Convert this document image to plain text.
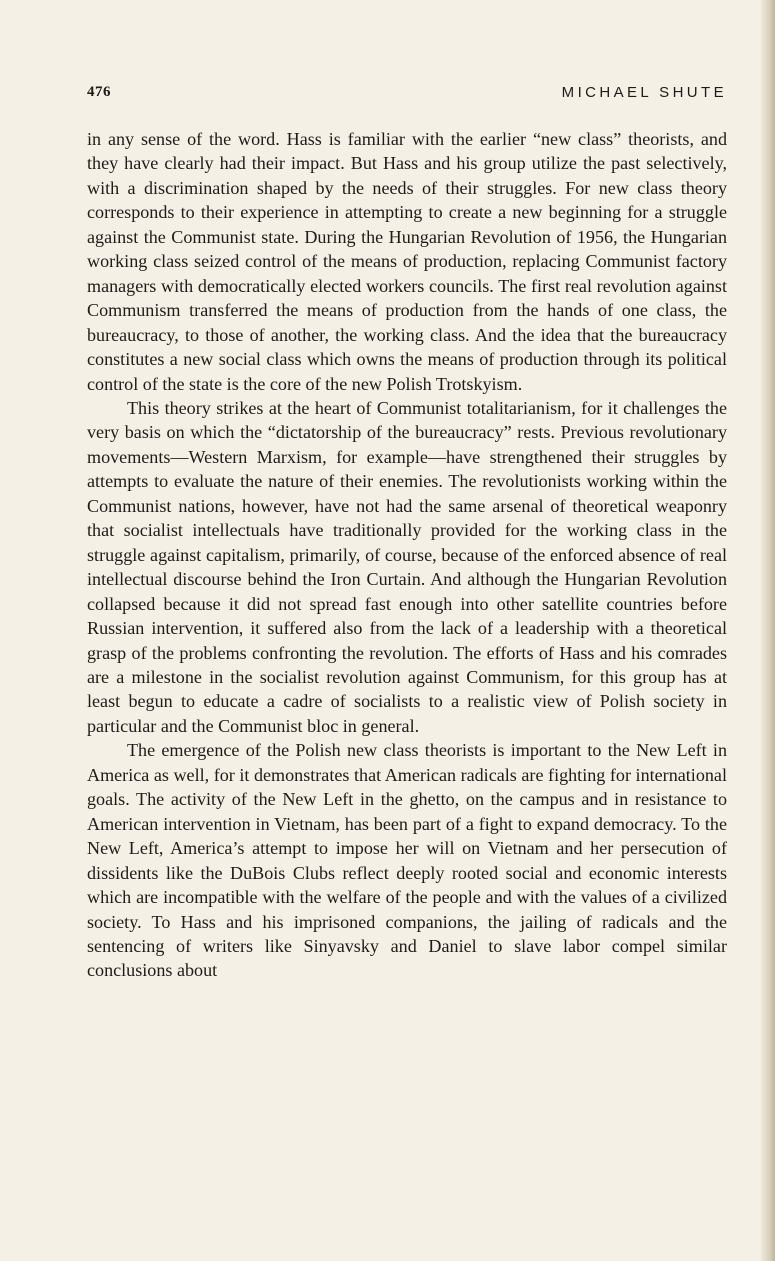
476	MICHAEL SHUTE

in any sense of the word. Hass is familiar with the earlier “new class” theorists, and they have clearly had their impact. But Hass and his group utilize the past selectively, with a discrimination shaped by the needs of their struggles. For new class theory corresponds to their experience in attempting to create a new beginning for a struggle against the Communist state. During the Hungarian Revolution of 1956, the Hungarian working class seized control of the means of production, replacing Communist factory managers with democratically elected workers councils. The first real revolution against Communism transferred the means of production from the hands of one class, the bureaucracy, to those of another, the working class. And the idea that the bureaucracy constitutes a new social class which owns the means of production through its political control of the state is the core of the new Polish Trotskyism.

This theory strikes at the heart of Communist totalitarianism, for it challenges the very basis on which the “dictatorship of the bureaucracy” rests. Previous revolutionary movements—Western Marxism, for example—have strengthened their struggles by attempts to evaluate the nature of their enemies. The revolutionists working within the Communist nations, however, have not had the same arsenal of theoretical weaponry that socialist intellectuals have traditionally provided for the working class in the struggle against capitalism, primarily, of course, because of the enforced absence of real intellectual discourse behind the Iron Curtain. And although the Hungarian Revolution collapsed because it did not spread fast enough into other satellite countries before Russian intervention, it suffered also from the lack of a leadership with a theoretical grasp of the problems confronting the revolution. The efforts of Hass and his comrades are a milestone in the socialist revolution against Communism, for this group has at least begun to educate a cadre of socialists to a realistic view of Polish society in particular and the Communist bloc in general.

The emergence of the Polish new class theorists is important to the New Left in America as well, for it demonstrates that American radicals are fighting for international goals. The activity of the New Left in the ghetto, on the campus and in resistance to American intervention in Vietnam, has been part of a fight to expand democracy. To the New Left, America’s attempt to impose her will on Vietnam and her persecution of dissidents like the DuBois Clubs reflect deeply rooted social and economic interests which are incompatible with the welfare of the people and with the values of a civilized society. To Hass and his imprisoned companions, the jailing of radicals and the sentencing of writers like Sinyavsky and Daniel to slave labor compel similar conclusions about
